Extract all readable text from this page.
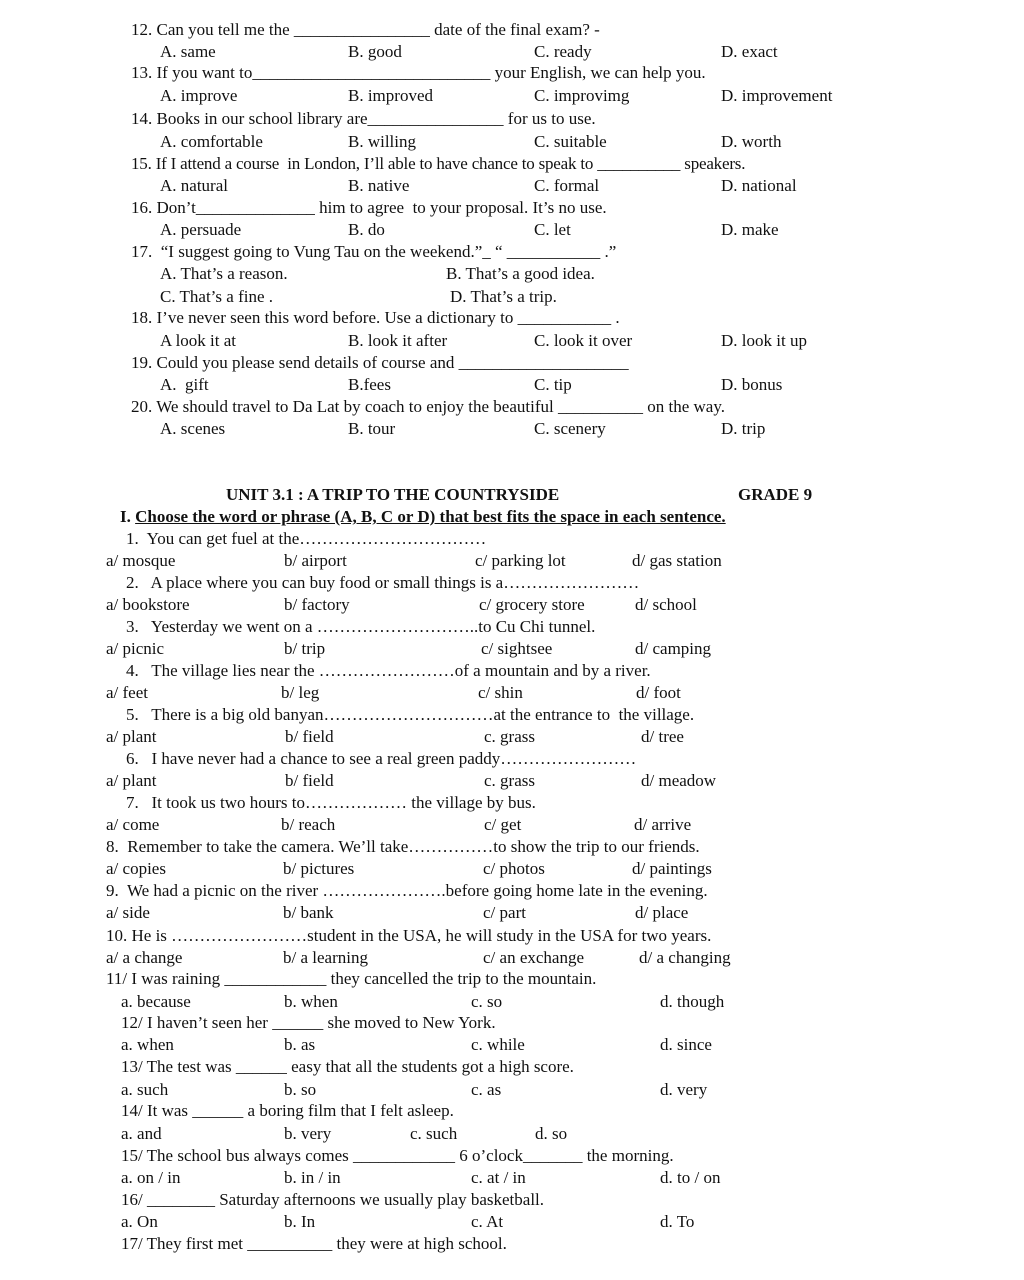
12. Can you tell me the ________________ date of the final exam? -
A. same	B. good	C. ready	D. exact
13. If you want to____________________________ your English, we can help you.
A. improve	B. improved	C. improvimg	D. improvement
14. Books in our school library are________________ for us to use.
A. comfortable	B. willing	C. suitable	D. worth
15. If I attend a course  in London, I’ll able to have chance to speak to __________ speakers.
A. natural	B. native	C. formal	D. national
16. Don’t______________ him to agree  to your proposal. It’s no use.
A. persuade	B. do	C. let	D. make
17.  “I suggest going to Vung Tau on the weekend.”_ “ ___________ .”
A. That’s a reason.	B. That’s a good idea.
C. That’s a fine .	D. That’s a trip.
18. I’ve never seen this word before. Use a dictionary to ___________ .
A look it at	B. look it after	C. look it over	D. look it up
19. Could you please send details of course and ____________________
A.  gift	B.fees	C. tip	D. bonus
20. We should travel to Da Lat by coach to enjoy the beautiful __________ on the way.
A. scenes	B. tour	C. scenery	D. trip
UNIT 3.1 : A TRIP TO THE COUNTRYSIDE	GRADE 9
I. Choose the word or phrase (A, B, C or D) that best fits the space in each sentence.
1.  You can get fuel at the……………………………
a/ mosque	b/ airport	c/ parking lot	d/ gas station
2.   A place where you can buy food or small things is a……………………
a/ bookstore	b/ factory	c/ grocery store	d/ school
3.   Yesterday we went on a ………………………..to Cu Chi tunnel.
a/ picnic	b/ trip	c/ sightsee	d/ camping
4.   The village lies near the ……………………of a mountain and by a river.
a/ feet	b/ leg	c/ shin	d/ foot
5.   There is a big old banyan…………………………at the entrance to  the village.
a/ plant	b/ field	c. grass	d/ tree
6.   I have never had a chance to see a real green paddy……………………
a/ plant	b/ field	c. grass	d/ meadow
7.   It took us two hours to……………… the village by bus.
a/ come	b/ reach	c/ get	d/ arrive
8.  Remember to take the camera. We’ll take……………to show the trip to our friends.
a/ copies	b/ pictures	c/ photos	d/ paintings
9.  We had a picnic on the river ………………….before going home late in the evening.
a/ side	b/ bank	c/ part	d/ place
10. He is ……………………student in the USA, he will study in the USA for two years.
a/ a change	b/ a learning	c/ an exchange	d/ a changing
11/ I was raining ____________ they cancelled the trip to the mountain.
a. because	b. when	c. so	d. though
12/ I haven’t seen her ______ she moved to New York.
a. when	b. as	c. while	d. since
13/ The test was ______ easy that all the students got a high score.
a. such	b. so	c. as	d. very
14/ It was ______ a boring film that I felt asleep.
a. and	b. very	c. such	d. so
15/ The school bus always comes ____________ 6 o’clock_______ the morning.
a. on / in	b. in / in	c. at / in	d. to / on
16/ ________ Saturday afternoons we usually play basketball.
a. On	b. In	c. At	d. To
17/ They first met __________ they were at high school.
